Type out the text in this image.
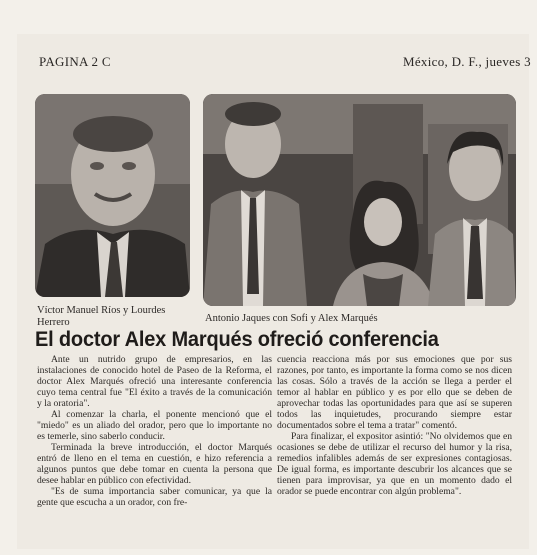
PAGINA 2 C	México, D. F., jueves 3
Víctor Manuel Ríos y Lourdes Herrero	Antonio Jaques con Sofi y Alex Marqués
El doctor Alex Marqués ofreció conferencia

Ante un nutrido grupo de empresarios, en las instalaciones de conocido hotel de Paseo de la Reforma, el doctor Alex Marqués ofreció una interesante conferencia cuyo tema central fue "El éxito a través de la comunicación y la oratoria".

Al comenzar la charla, el ponente mencionó que el "miedo" es un aliado del orador, pero que lo importante no es temerle, sino saberlo conducir.

Terminada la breve introducción, el doctor Marqués entró de lleno en el tema en cuestión, e hizo referencia a algunos puntos que debe tomar en cuenta la persona que desee hablar en público con efectividad.

"Es de suma importancia saber comunicar, ya que la gente que escucha a un orador, con fre-

cuencia reacciona más por sus emociones que por sus razones, por tanto, es importante la forma como se nos dicen las cosas. Sólo a través de la acción se llega a perder el temor al hablar en público y es por ello que se deben de aprovechar todas las oportunidades para que así se superen todos las inquietudes, procurando siempre estar documentados sobre el tema a tratar" comentó.

Para finalizar, el expositor asintió: "No olvidemos que en ocasiones se debe de utilizar el recurso del humor y la risa, remedios infalibles además de ser expresiones contagiosas. De igual forma, es importante descubrir los alcances que se tienen para improvisar, ya que en un momento dado el orador se puede encontrar con algún problema".
